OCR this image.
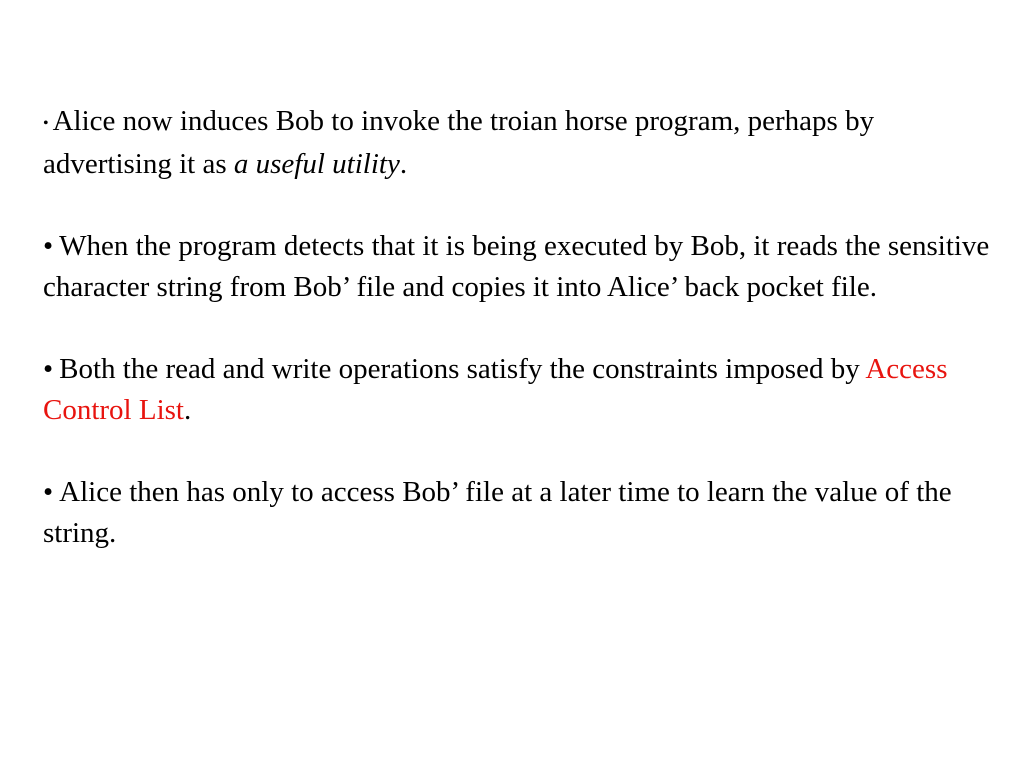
• Alice now induces Bob to invoke the troian horse program, perhaps by advertising it as a useful utility.

• When the program detects that it is being executed by Bob, it reads the sensitive character string from Bob’ file and copies it into Alice’ back pocket file.

• Both the read and write operations satisfy the constraints imposed by Access Control List.

• Alice then has only to access Bob’ file at a later time to learn the value of the string.
